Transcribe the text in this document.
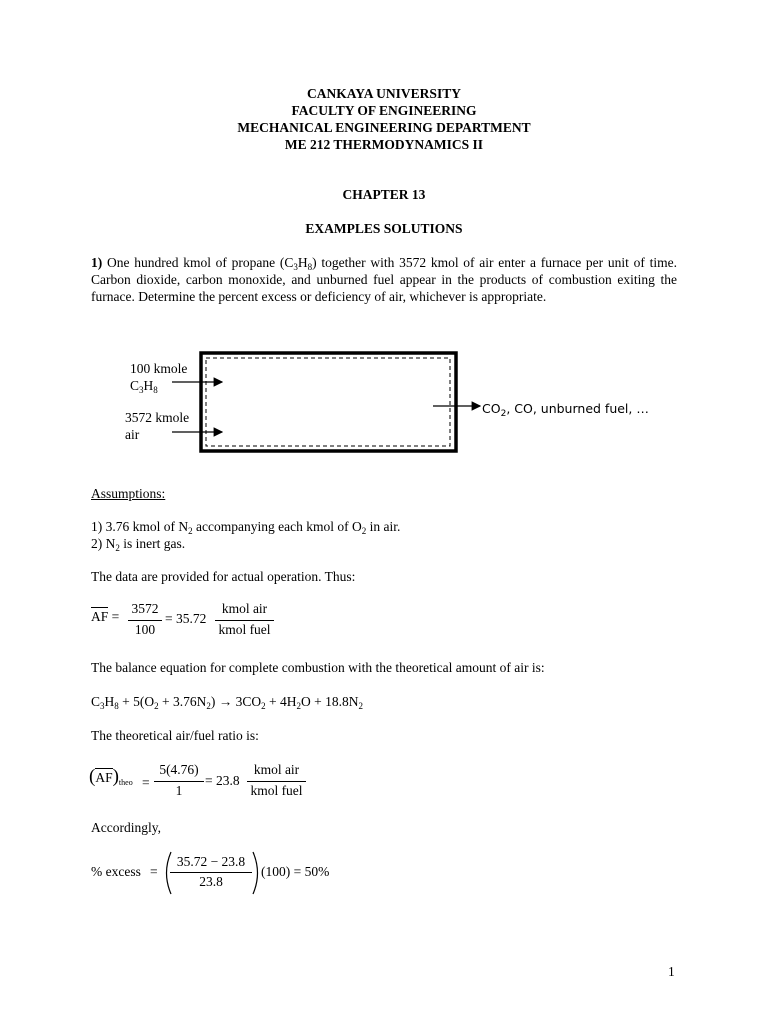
CANKAYA UNIVERSITY
FACULTY OF ENGINEERING
MECHANICAL ENGINEERING DEPARTMENT
ME 212 THERMODYNAMICS II
CHAPTER 13
EXAMPLES SOLUTIONS
1) One hundred kmol of propane $(C_3H_8)$ together with 3572 kmol of air enter a furnace per unit of time. Carbon dioxide, carbon monoxide, and unburned fuel appear in the products of combustion exiting the furnace. Determine the percent excess or deficiency of air, whichever is appropriate.
100 kmole
$C_3H_8$
3572 kmole
air
$CO_2$, CO, unburned fuel, …
Assumptions:
1) 3.76 kmol of $N_2$ accompanying each kmol of $O_2$ in air.
2) $N_2$ is inert gas.
The data are provided for actual operation. Thus:
AF =
3572
100
= 35.72
kmol air
kmol fuel
The balance equation for complete combustion with the theoretical amount of air is:
$C_3H_8 + 5(O_2 + 3.76N_2) \to 3CO_2 + 4H_2O + 18.8N_2$
The theoretical air/fuel ratio is:
$(AF)_{theo}$ =
5(4.76)
1
= 23.8
kmol air
kmol fuel
Accordingly,
% excess =
35.72 − 23.8
23.8
(100) = 50%
1
